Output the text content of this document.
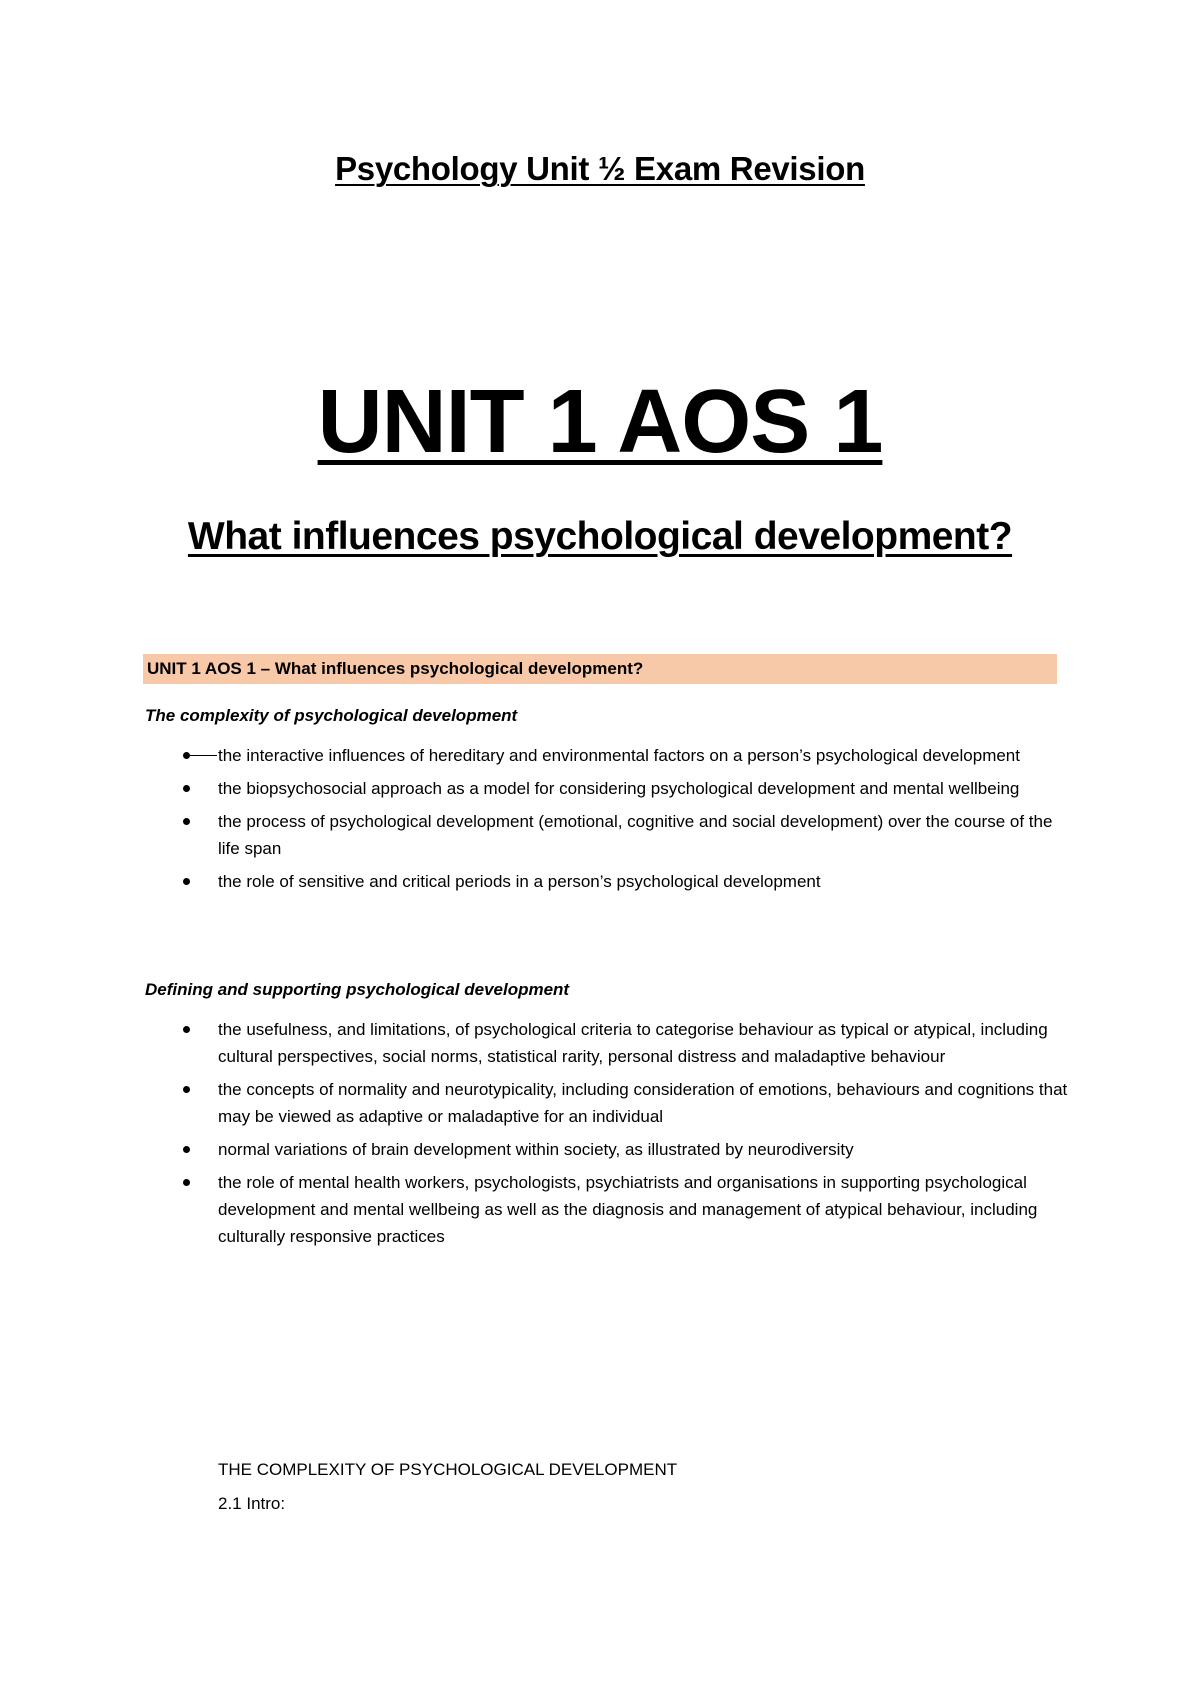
Psychology Unit ½ Exam Revision
UNIT 1 AOS 1
What influences psychological development?
UNIT 1 AOS 1 – What influences psychological development?
The complexity of psychological development
the interactive influences of hereditary and environmental factors on a person’s psychological development
the biopsychosocial approach as a model for considering psychological development and mental wellbeing
the process of psychological development (emotional, cognitive and social development) over the course of the life span
the role of sensitive and critical periods in a person’s psychological development
Defining and supporting psychological development
the usefulness, and limitations, of psychological criteria to categorise behaviour as typical or atypical, including cultural perspectives, social norms, statistical rarity, personal distress and maladaptive behaviour
the concepts of normality and neurotypicality, including consideration of emotions, behaviours and cognitions that may be viewed as adaptive or maladaptive for an individual
normal variations of brain development within society, as illustrated by neurodiversity
the role of mental health workers, psychologists, psychiatrists and organisations in supporting psychological development and mental wellbeing as well as the diagnosis and management of atypical behaviour, including culturally responsive practices
THE COMPLEXITY OF PSYCHOLOGICAL DEVELOPMENT
2.1 Intro:
